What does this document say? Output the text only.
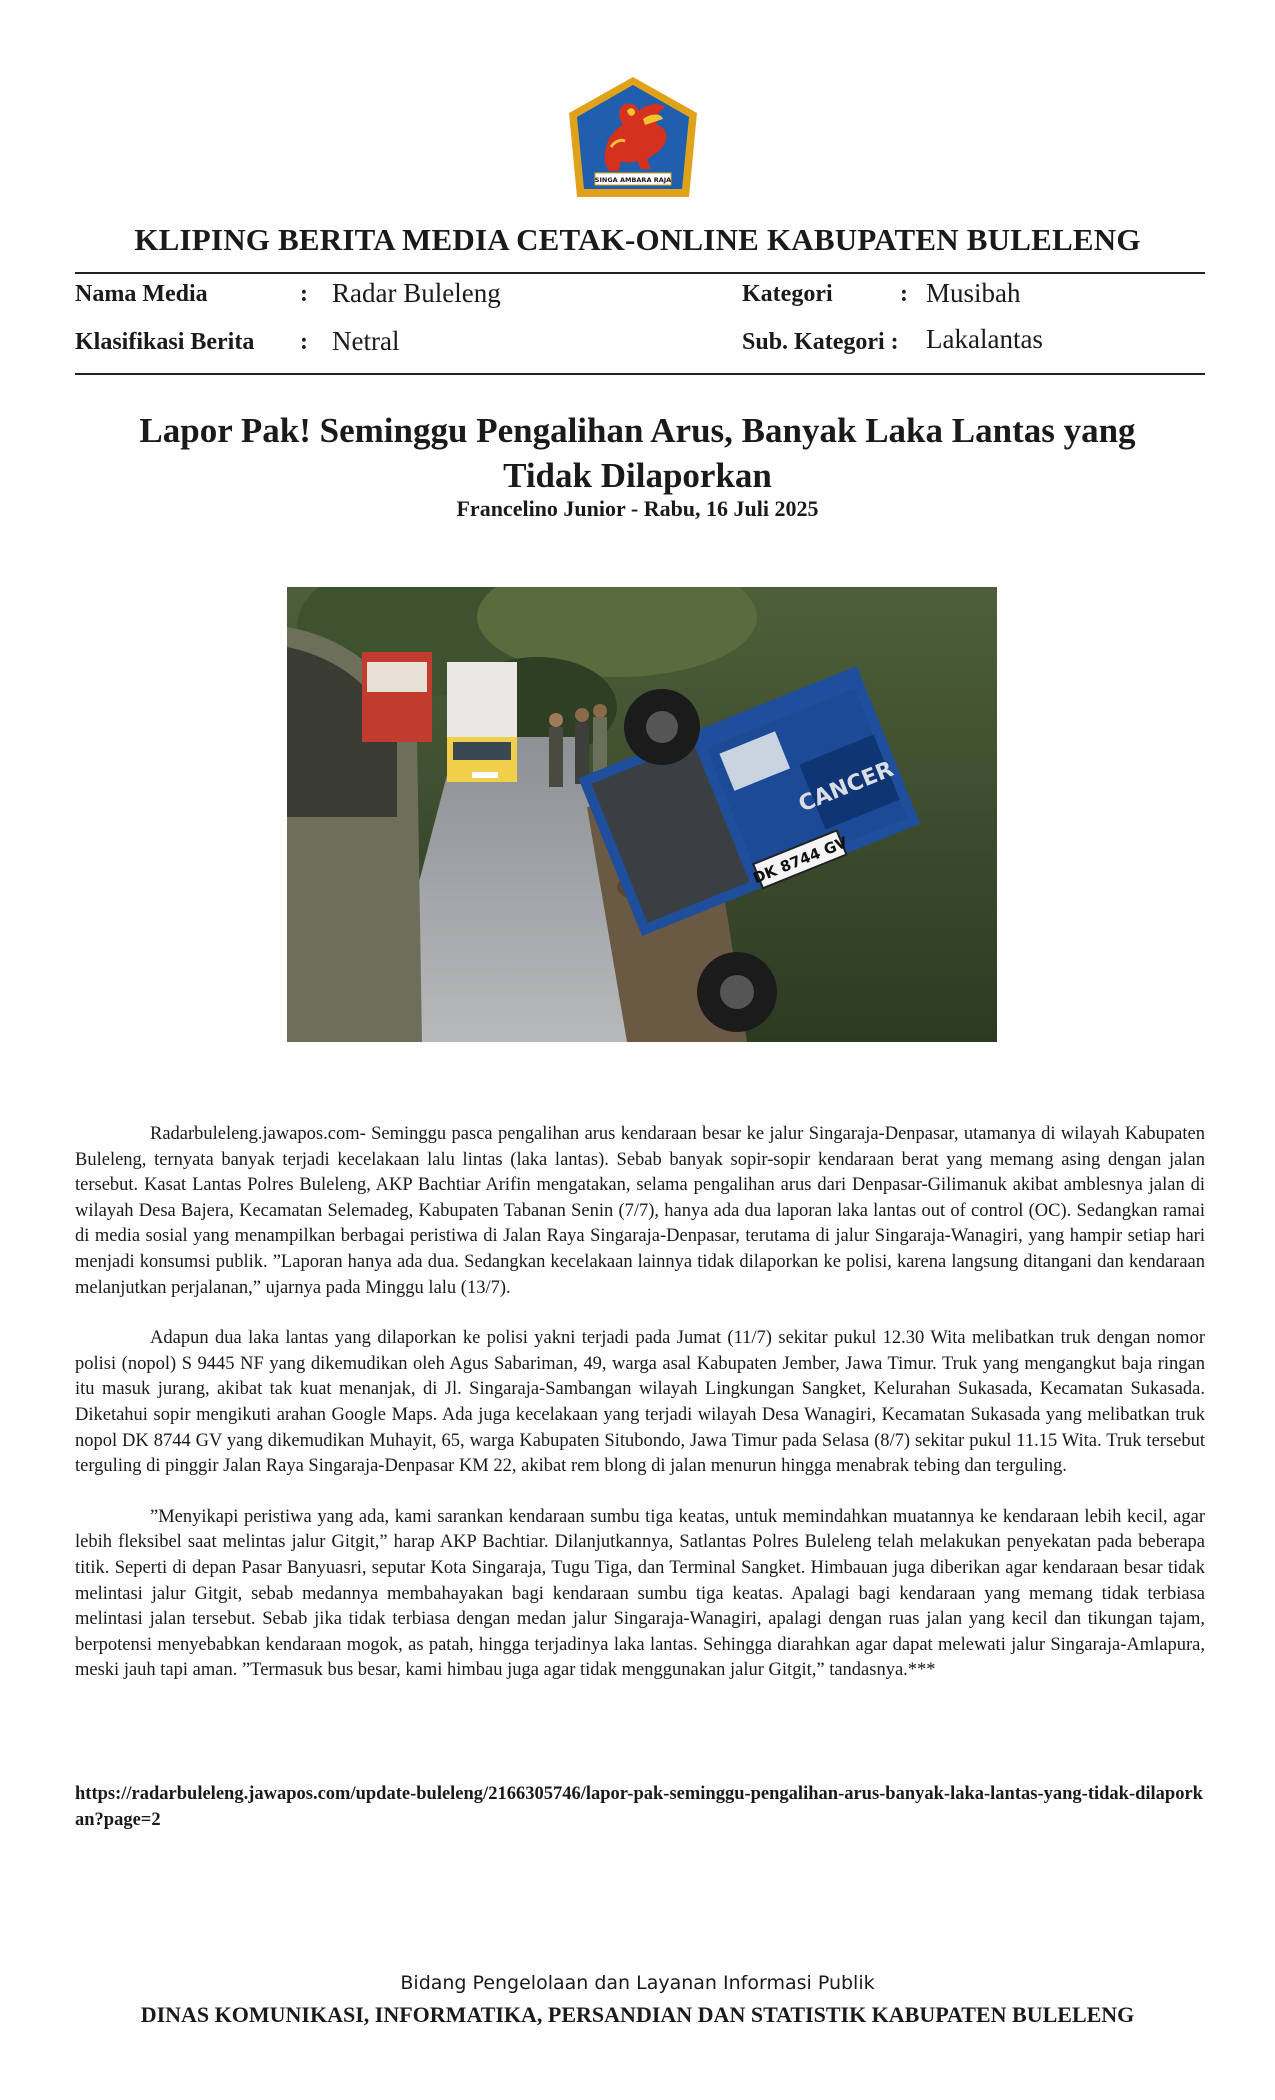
SINGA AMBARA RAJA
KLIPING BERITA MEDIA CETAK-ONLINE KABUPATEN BULELENG
Nama Media	: Radar Buleleng	Kategori	: Musibah
Klasifikasi Berita : Netral	Sub. Kategori : Lakalantas
Lapor Pak! Seminggu Pengalihan Arus, Banyak Laka Lantas yang Tidak Dilaporkan
Francelino Junior - Rabu, 16 Juli 2025
CANCER
DK 8744 GV

Radarbuleleng.jawapos.com- Seminggu pasca pengalihan arus kendaraan besar ke jalur Singaraja-Denpasar, utamanya di wilayah Kabupaten Buleleng, ternyata banyak terjadi kecelakaan lalu lintas (laka lantas). Sebab banyak sopir-sopir kendaraan berat yang memang asing dengan jalan tersebut. Kasat Lantas Polres Buleleng, AKP Bachtiar Arifin mengatakan, selama pengalihan arus dari Denpasar-Gilimanuk akibat amblesnya jalan di wilayah Desa Bajera, Kecamatan Selemadeg, Kabupaten Tabanan Senin (7/7), hanya ada dua laporan laka lantas out of control (OC). Sedangkan ramai di media sosial yang menampilkan berbagai peristiwa di Jalan Raya Singaraja-Denpasar, terutama di jalur Singaraja-Wanagiri, yang hampir setiap hari menjadi konsumsi publik. ”Laporan hanya ada dua. Sedangkan kecelakaan lainnya tidak dilaporkan ke polisi, karena langsung ditangani dan kendaraan melanjutkan perjalanan,” ujarnya pada Minggu lalu (13/7).

Adapun dua laka lantas yang dilaporkan ke polisi yakni terjadi pada Jumat (11/7) sekitar pukul 12.30 Wita melibatkan truk dengan nomor polisi (nopol) S 9445 NF yang dikemudikan oleh Agus Sabariman, 49, warga asal Kabupaten Jember, Jawa Timur. Truk yang mengangkut baja ringan itu masuk jurang, akibat tak kuat menanjak, di Jl. Singaraja-Sambangan wilayah Lingkungan Sangket, Kelurahan Sukasada, Kecamatan Sukasada. Diketahui sopir mengikuti arahan Google Maps. Ada juga kecelakaan yang terjadi wilayah Desa Wanagiri, Kecamatan Sukasada yang melibatkan truk nopol DK 8744 GV yang dikemudikan Muhayit, 65, warga Kabupaten Situbondo, Jawa Timur pada Selasa (8/7) sekitar pukul 11.15 Wita. Truk tersebut terguling di pinggir Jalan Raya Singaraja-Denpasar KM 22, akibat rem blong di jalan menurun hingga menabrak tebing dan terguling.

”Menyikapi peristiwa yang ada, kami sarankan kendaraan sumbu tiga keatas, untuk memindahkan muatannya ke kendaraan lebih kecil, agar lebih fleksibel saat melintas jalur Gitgit,” harap AKP Bachtiar. Dilanjutkannya, Satlantas Polres Buleleng telah melakukan penyekatan pada beberapa titik. Seperti di depan Pasar Banyuasri, seputar Kota Singaraja, Tugu Tiga, dan Terminal Sangket. Himbauan juga diberikan agar kendaraan besar tidak melintasi jalur Gitgit, sebab medannya membahayakan bagi kendaraan sumbu tiga keatas. Apalagi bagi kendaraan yang memang tidak terbiasa melintasi jalan tersebut. Sebab jika tidak terbiasa dengan medan jalur Singaraja-Wanagiri, apalagi dengan ruas jalan yang kecil dan tikungan tajam, berpotensi menyebabkan kendaraan mogok, as patah, hingga terjadinya laka lantas. Sehingga diarahkan agar dapat melewati jalur Singaraja-Amlapura, meski jauh tapi aman. ”Termasuk bus besar, kami himbau juga agar tidak menggunakan jalur Gitgit,” tandasnya.***

https://radarbuleleng.jawapos.com/update-buleleng/2166305746/lapor-pak-seminggu-pengalihan-arus-banyak-laka-lantas-yang-tidak-dilaporkan?page=2
Bidang Pengelolaan dan Layanan Informasi Publik
DINAS KOMUNIKASI, INFORMATIKA, PERSANDIAN DAN STATISTIK KABUPATEN BULELENG
